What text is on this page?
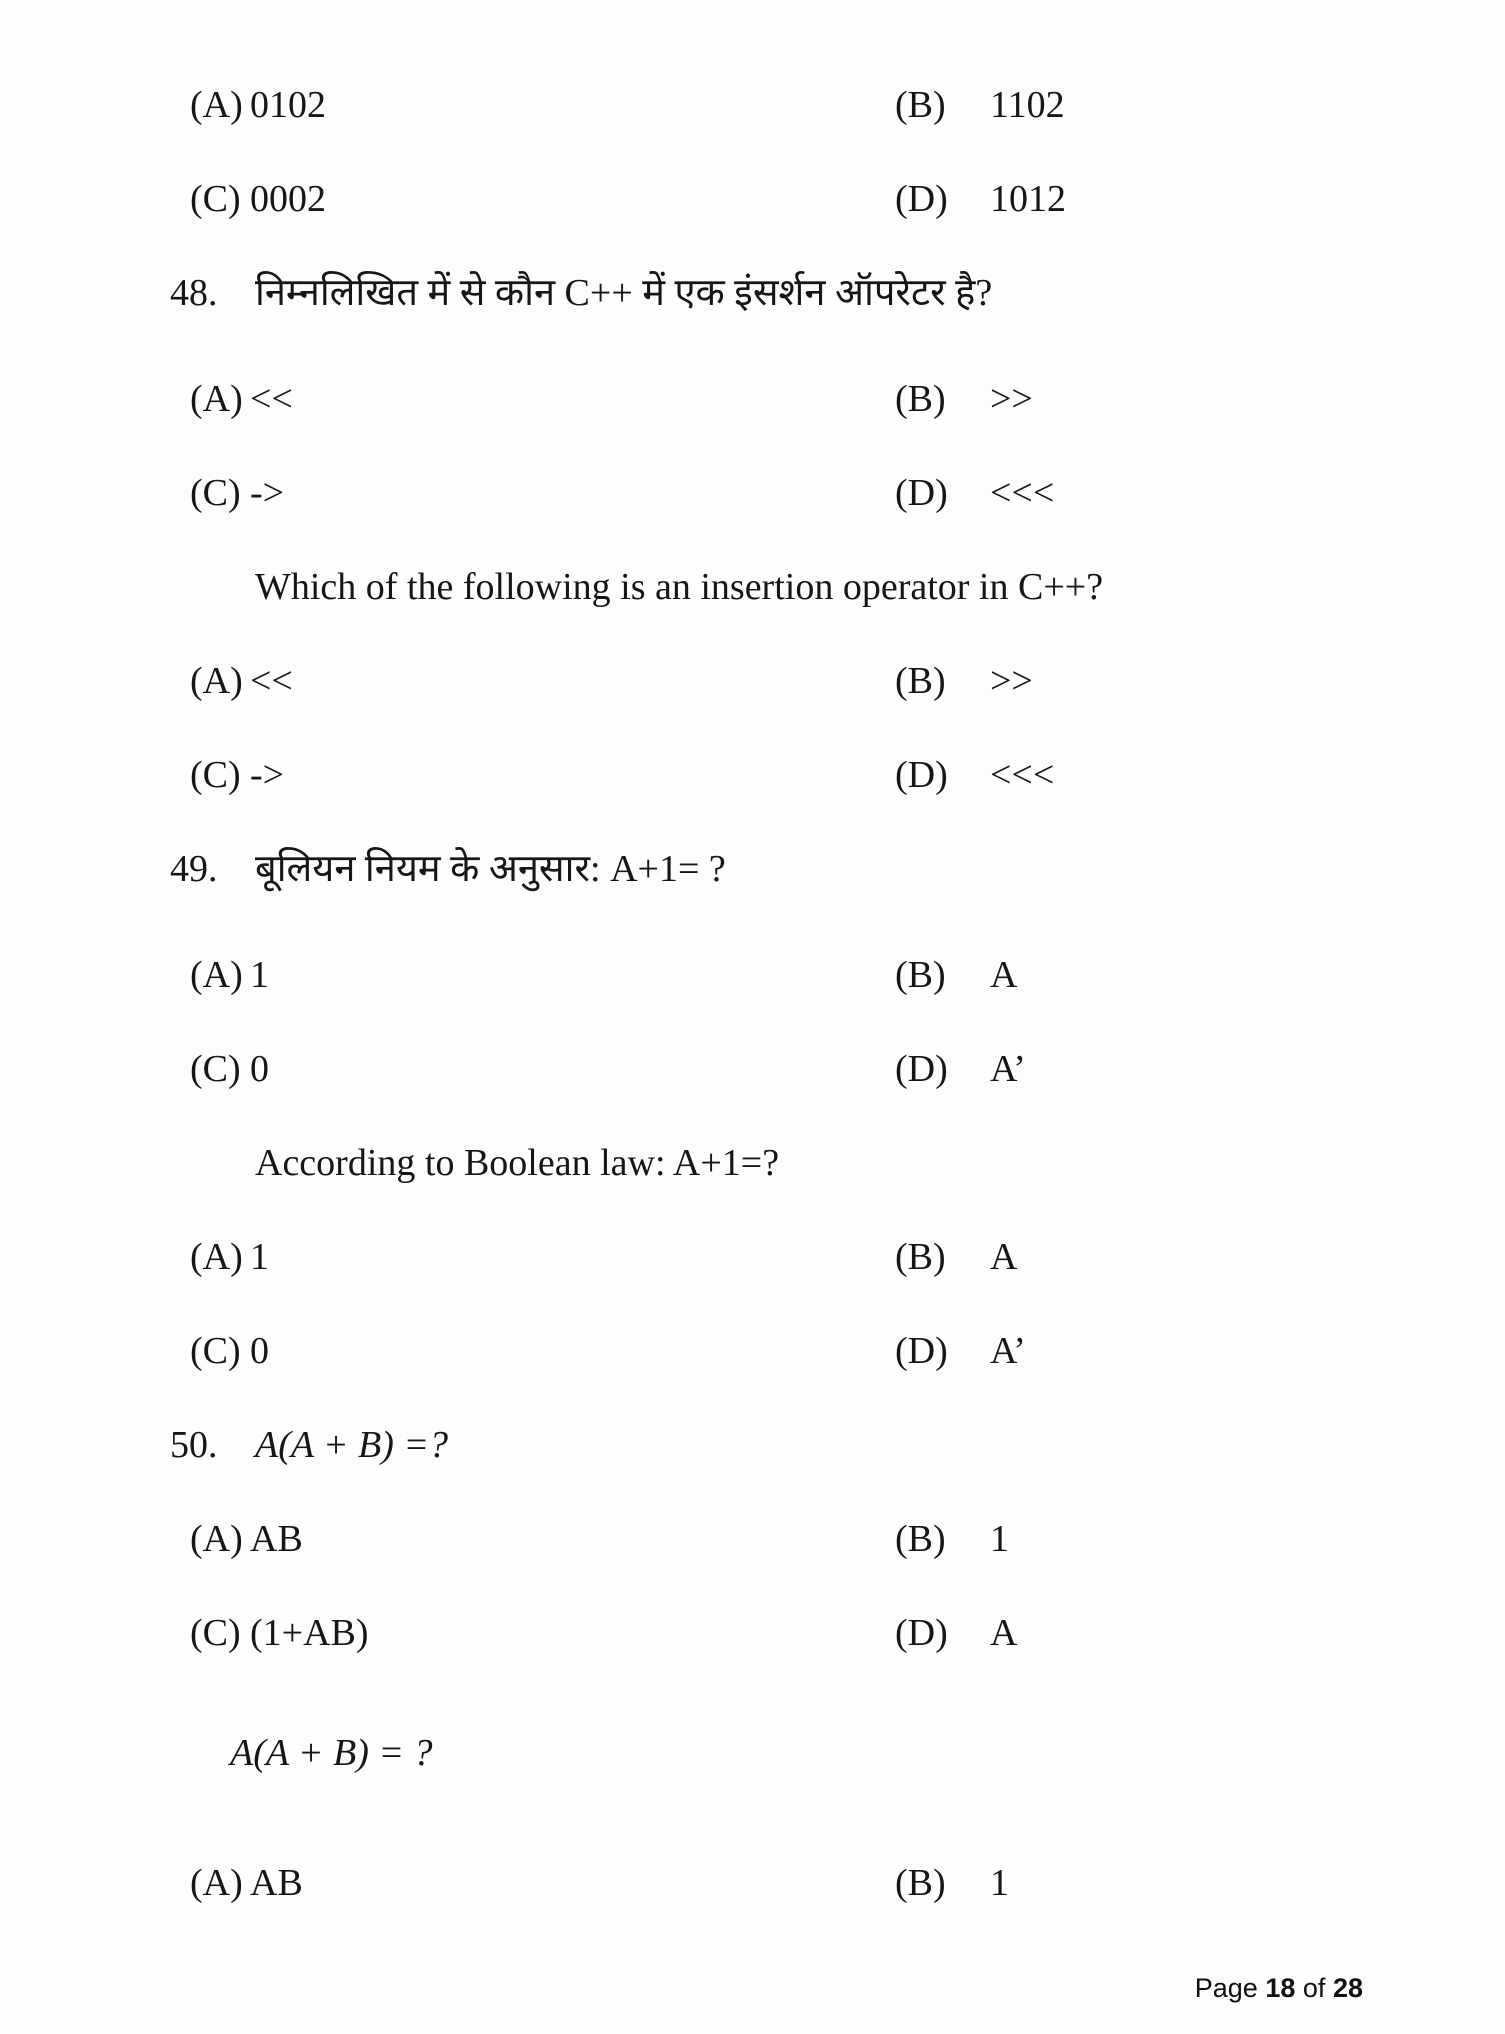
(A) 0102	(B)	1102
(C) 0002	(D)	1012
48. निम्नलिखित में से कौन C++ में एक इंसर्शन ऑपरेटर है?
(A) <<	(B)	>>
(C) ->	(D)	<<<
Which of the following is an insertion operator in C++?
(A) <<	(B)	>>
(C) ->	(D)	<<<
49. बूलियन नियम के अनुसार: A+1= ?
(A) 1	(B)	A
(C) 0	(D)	A’
According to Boolean law: A+1=?
(A) 1	(B)	A
(C) 0	(D)	A’
50. A(A + B) =?
(A) AB	(B)	1
(C) (1+AB)	(D)	A
A(A + B) = ?
(A) AB	(B)	1
Page 18 of 28
